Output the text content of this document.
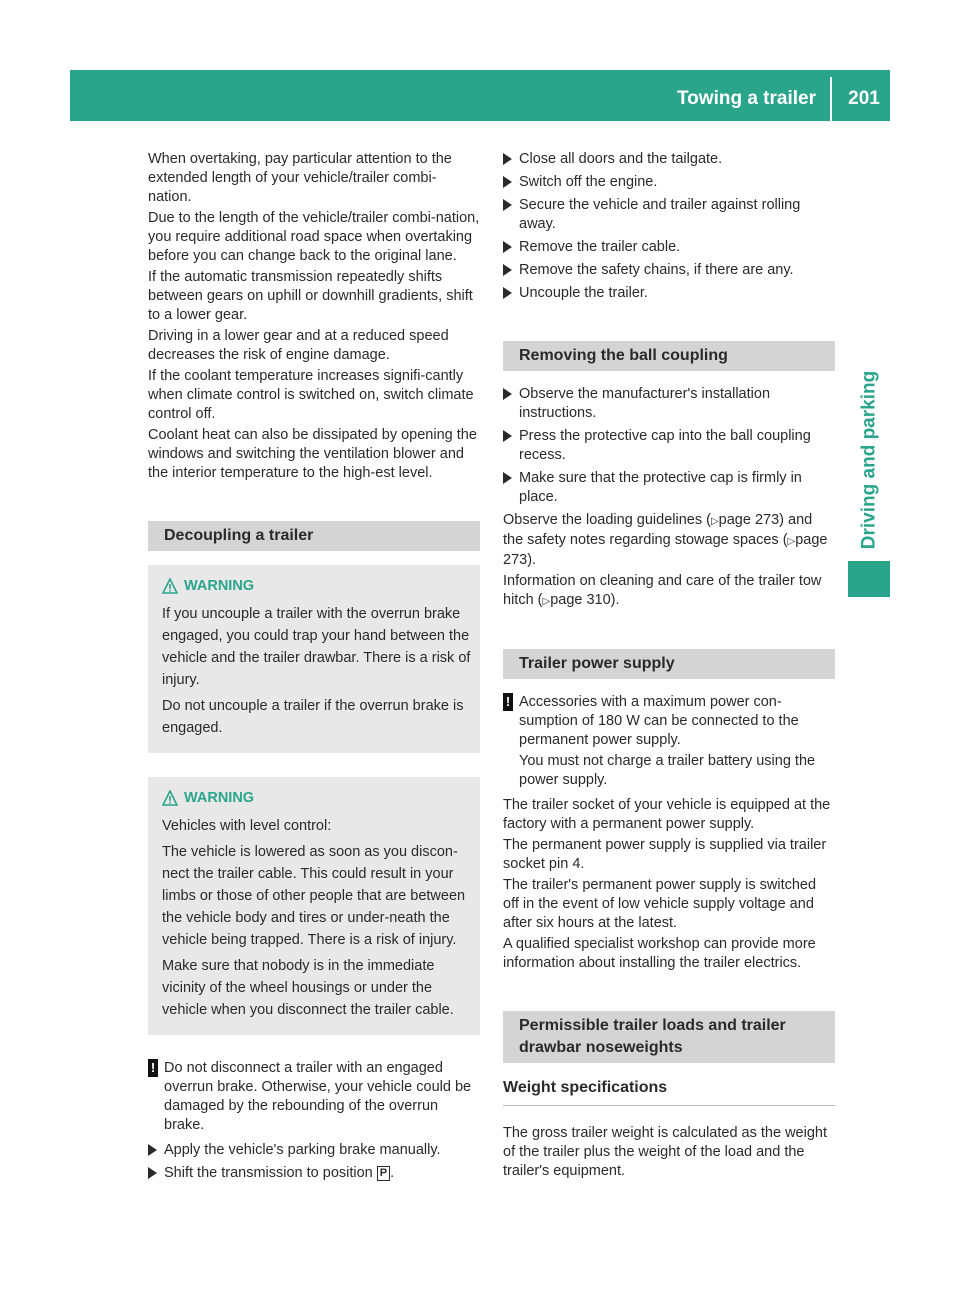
Towing a trailer	201
Driving and parking

When overtaking, pay particular attention to the extended length of your vehicle/trailer combi-nation.

Due to the length of the vehicle/trailer combi-nation, you require additional road space when overtaking before you can change back to the original lane.

If the automatic transmission repeatedly shifts between gears on uphill or downhill gradients, shift to a lower gear.

Driving in a lower gear and at a reduced speed decreases the risk of engine damage.

If the coolant temperature increases signifi-cantly when climate control is switched on, switch climate control off.

Coolant heat can also be dissipated by opening the windows and switching the ventilation blower and the interior temperature to the high-est level.

Decoupling a trailer
WARNING

If you uncouple a trailer with the overrun brake engaged, you could trap your hand between the vehicle and the trailer drawbar. There is a risk of injury.

Do not uncouple a trailer if the overrun brake is engaged.

WARNING

Vehicles with level control:

The vehicle is lowered as soon as you discon-nect the trailer cable. This could result in your limbs or those of other people that are between the vehicle body and tires or under-neath the vehicle being trapped. There is a risk of injury.

Make sure that nobody is in the immediate vicinity of the wheel housings or under the vehicle when you disconnect the trailer cable.

! Do not disconnect a trailer with an engaged overrun brake. Otherwise, your vehicle could be damaged by the rebounding of the overrun brake.
Apply the vehicle's parking brake manually.
Shift the transmission to position P .
Close all doors and the tailgate.
Switch off the engine.
Secure the vehicle and trailer against rolling away.
Remove the trailer cable.
Remove the safety chains, if there are any.
Uncouple the trailer.
Removing the ball coupling
Observe the manufacturer's installation instructions.
Press the protective cap into the ball coupling recess.
Make sure that the protective cap is firmly in place.

Observe the loading guidelines (▷page 273) and the safety notes regarding stowage spaces (▷page 273).

Information on cleaning and care of the trailer tow hitch (▷page 310).

Trailer power supply
! Accessories with a maximum power con-sumption of 180 W can be connected to the permanent power supply.

You must not charge a trailer battery using the power supply.

The trailer socket of your vehicle is equipped at the factory with a permanent power supply.

The permanent power supply is supplied via trailer socket pin 4.

The trailer's permanent power supply is switched off in the event of low vehicle supply voltage and after six hours at the latest.

A qualified specialist workshop can provide more information about installing the trailer electrics.

Permissible trailer loads and trailer drawbar noseweights
Weight specifications

The gross trailer weight is calculated as the weight of the trailer plus the weight of the load and the trailer's equipment.
